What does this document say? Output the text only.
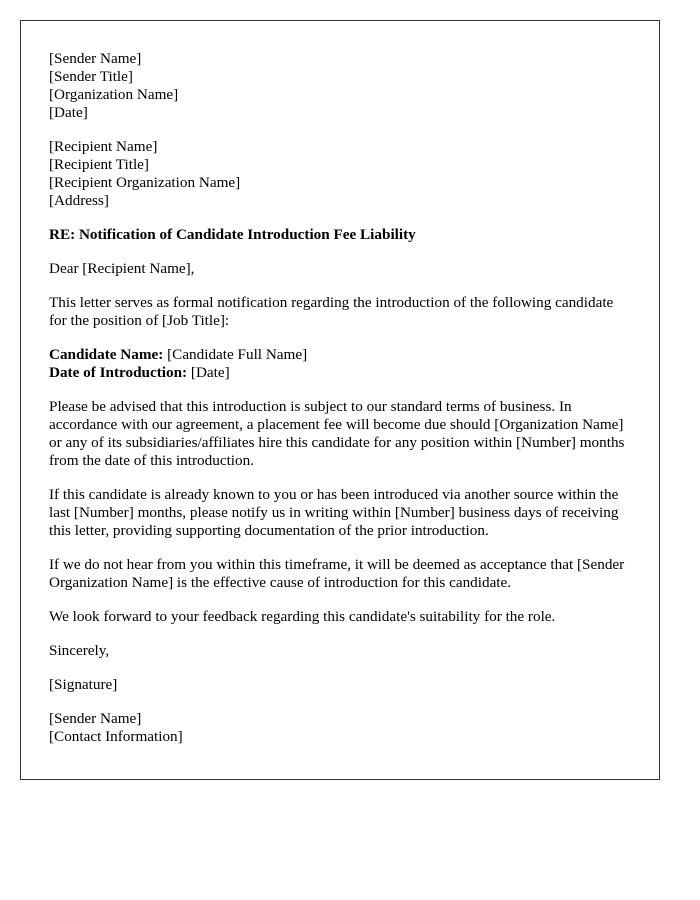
[Sender Name]
[Sender Title]
[Organization Name]
[Date]
[Recipient Name]
[Recipient Title]
[Recipient Organization Name]
[Address]

RE: Notification of Candidate Introduction Fee Liability

Dear [Recipient Name],

This letter serves as formal notification regarding the introduction of the following candidate for the position of [Job Title]:

Candidate Name: [Candidate Full Name]
Date of Introduction: [Date]

Please be advised that this introduction is subject to our standard terms of business. In accordance with our agreement, a placement fee will become due should [Organization Name] or any of its subsidiaries/affiliates hire this candidate for any position within [Number] months from the date of this introduction.

If this candidate is already known to you or has been introduced via another source within the last [Number] months, please notify us in writing within [Number] business days of receiving this letter, providing supporting documentation of the prior introduction.

If we do not hear from you within this timeframe, it will be deemed as acceptance that [Sender Organization Name] is the effective cause of introduction for this candidate.

We look forward to your feedback regarding this candidate's suitability for the role.

Sincerely,

[Signature]

[Sender Name]
[Contact Information]
